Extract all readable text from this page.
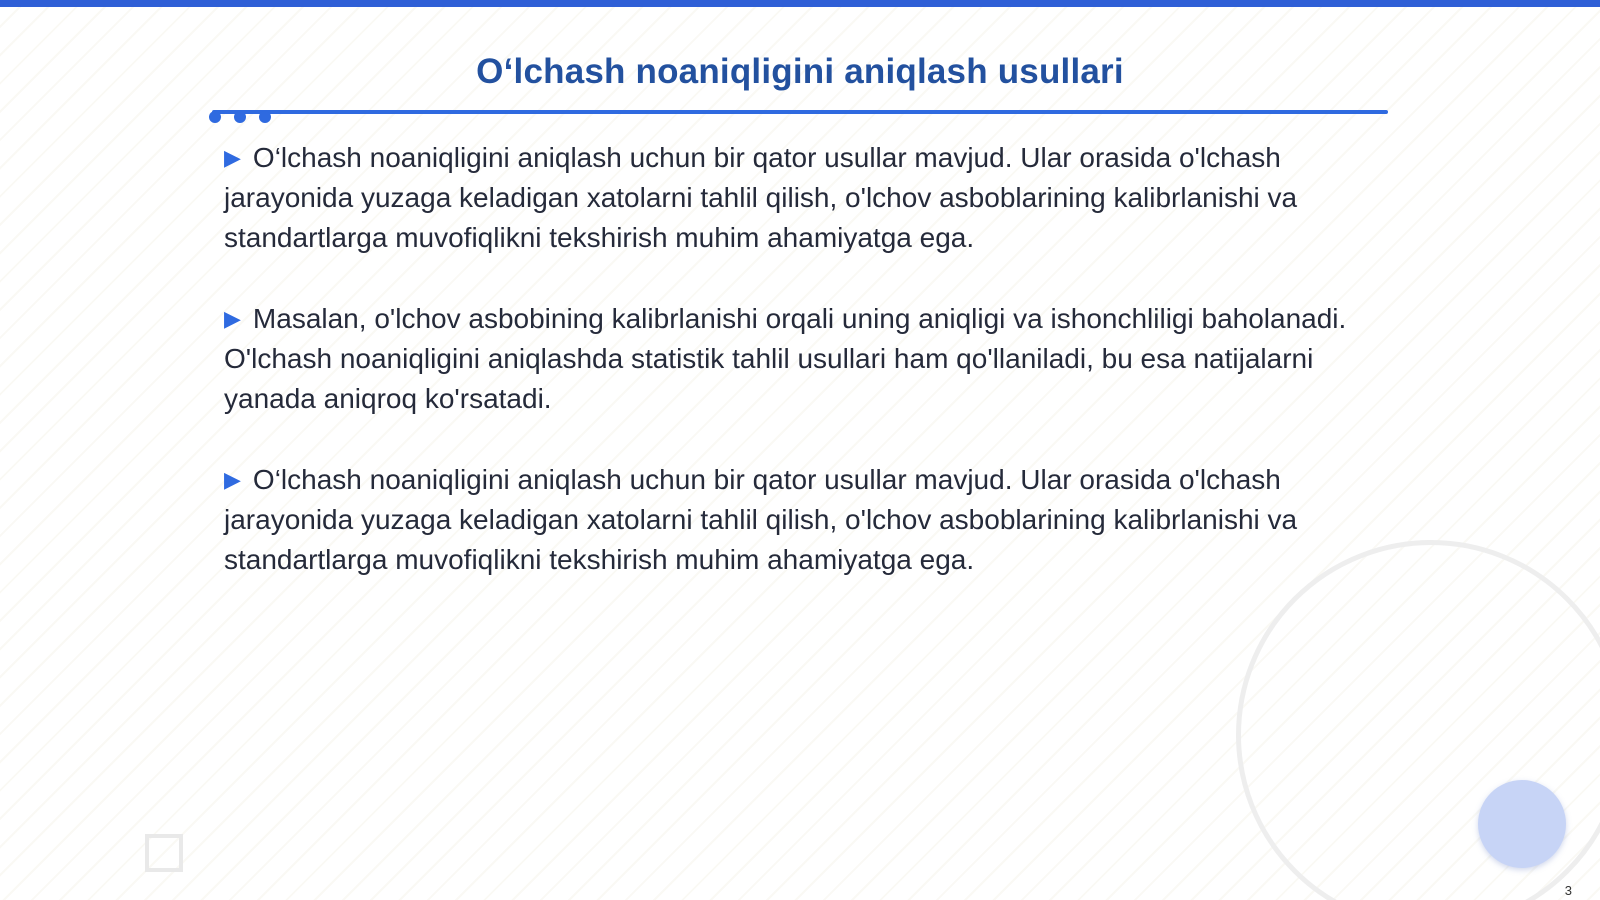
O‘lchash noaniqligini aniqlash usullari

▶ O‘lchash noaniqligini aniqlash uchun bir qator usullar mavjud. Ular orasida o'lchash jarayonida yuzaga keladigan xatolarni tahlil qilish, o'lchov asboblarining kalibrlanishi va standartlarga muvofiqlikni tekshirish muhim ahamiyatga ega.

▶ Masalan, o'lchov asbobining kalibrlanishi orqali uning aniqligi va ishonchliligi baholanadi. O'lchash noaniqligini aniqlashda statistik tahlil usullari ham qo'llaniladi, bu esa natijalarni yanada aniqroq ko'rsatadi.

▶ O‘lchash noaniqligini aniqlash uchun bir qator usullar mavjud. Ular orasida o'lchash jarayonida yuzaga keladigan xatolarni tahlil qilish, o'lchov asboblarining kalibrlanishi va standartlarga muvofiqlikni tekshirish muhim ahamiyatga ega.

3
